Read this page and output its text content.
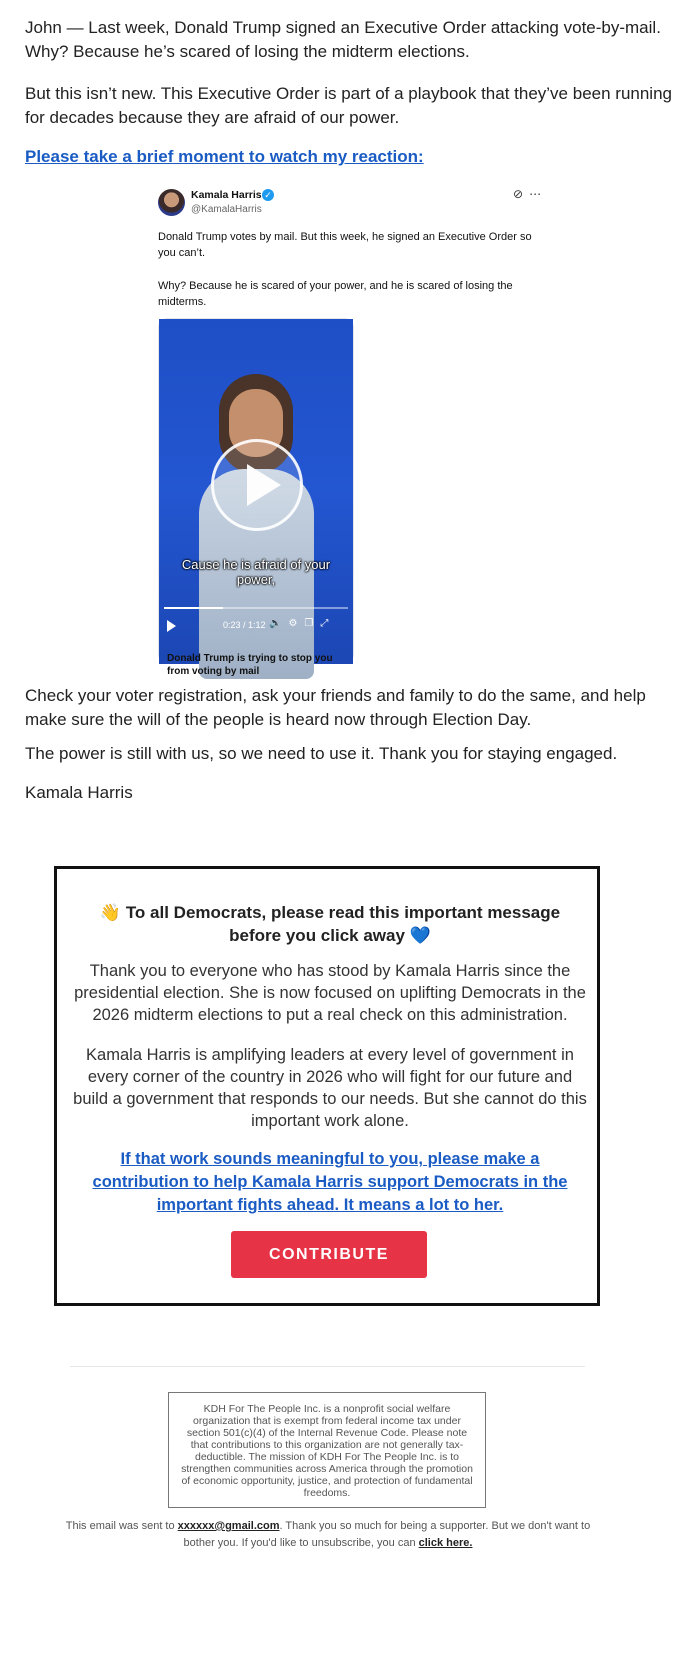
John — Last week, Donald Trump signed an Executive Order attacking vote-by-mail. Why? Because he’s scared of losing the midterm elections.

But this isn’t new. This Executive Order is part of a playbook that they’ve been running for decades because they are afraid of our power.

Please take a brief moment to watch my reaction:
Kamala Harris ✓
@KamalaHarris
⊘⋯

Donald Trump votes by mail. But this week, he signed an Executive Order so you can’t.

Why? Because he is scared of your power, and he is scared of losing the midterms.

Cause he is afraid of your power,
0:23 / 1:12 🔈⚙❐⤢
Donald Trump is trying to stop you from voting by mail

Check your voter registration, ask your friends and family to do the same, and help make sure the will of the people is heard now through Election Day.

The power is still with us, so we need to use it. Thank you for staying engaged.

Kamala Harris

👋 To all Democrats, please read this important message before you click away 💙

Thank you to everyone who has stood by Kamala Harris since the presidential election. She is now focused on uplifting Democrats in the 2026 midterm elections to put a real check on this administration.

Kamala Harris is amplifying leaders at every level of government in every corner of the country in 2026 who will fight for our future and build a government that responds to our needs. But she cannot do this important work alone.

If that work sounds meaningful to you, please make a contribution to help Kamala Harris support Democrats in the important fights ahead. It means a lot to her.
CONTRIBUTE
KDH For The People Inc. is a nonprofit social welfare organization that is exempt from federal income tax under section 501(c)(4) of the Internal Revenue Code. Please note that contributions to this organization are not generally tax-deductible. The mission of KDH For The People Inc. is to strengthen communities across America through the promotion of economic opportunity, justice, and protection of fundamental freedoms.
This email was sent to xxxxxx@gmail.com. Thank you so much for being a supporter. But we don't want to bother you. If you'd like to unsubscribe, you can click here.
